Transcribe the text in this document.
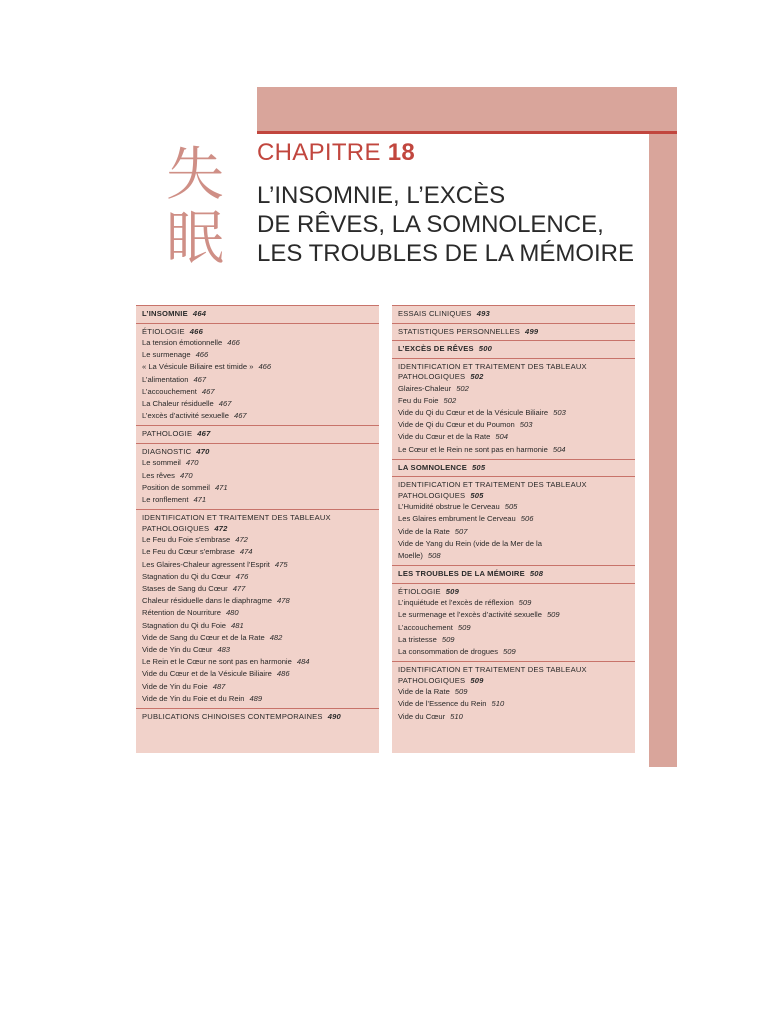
失
眠
CHAPITRE 18
L’INSOMNIE, L’EXCÈS
DE RÊVES, LA SOMNOLENCE,
LES TROUBLES DE LA MÉMOIRE
L’INSOMNIE 464
ÉTIOLOGIE 466
La tension émotionnelle 466
Le surmenage 466
« La Vésicule Biliaire est timide » 466
L’alimentation 467
L’accouchement 467
La Chaleur résiduelle 467
L’excès d’activité sexuelle 467
PATHOLOGIE 467
DIAGNOSTIC 470
Le sommeil 470
Les rêves 470
Position de sommeil 471
Le ronflement 471
IDENTIFICATION ET TRAITEMENT DES TABLEAUX PATHOLOGIQUES 472
Le Feu du Foie s’embrase 472
Le Feu du Cœur s’embrase 474
Les Glaires-Chaleur agressent l’Esprit 475
Stagnation du Qi du Cœur 476
Stases de Sang du Cœur 477
Chaleur résiduelle dans le diaphragme 478
Rétention de Nourriture 480
Stagnation du Qi du Foie 481
Vide de Sang du Cœur et de la Rate 482
Vide de Yin du Cœur 483
Le Rein et le Cœur ne sont pas en harmonie 484
Vide du Cœur et de la Vésicule Biliaire 486
Vide de Yin du Foie 487
Vide de Yin du Foie et du Rein 489
PUBLICATIONS CHINOISES CONTEMPORAINES 490
ESSAIS CLINIQUES 493
STATISTIQUES PERSONNELLES 499
L’EXCÈS DE RÊVES 500
IDENTIFICATION ET TRAITEMENT DES TABLEAUX PATHOLOGIQUES 502
Glaires-Chaleur 502
Feu du Foie 502
Vide du Qi du Cœur et de la Vésicule Biliaire 503
Vide de Qi du Cœur et du Poumon 503
Vide du Cœur et de la Rate 504
Le Cœur et le Rein ne sont pas en harmonie 504
LA SOMNOLENCE 505
IDENTIFICATION ET TRAITEMENT DES TABLEAUX PATHOLOGIQUES 505
L’Humidité obstrue le Cerveau 505
Les Glaires embrument le Cerveau 506
Vide de la Rate 507
Vide de Yang du Rein (vide de la Mer de la
Moelle) 508
LES TROUBLES DE LA MÉMOIRE 508
ÉTIOLOGIE 509
L’inquiétude et l’excès de réflexion 509
Le surmenage et l’excès d’activité sexuelle 509
L’accouchement 509
La tristesse 509
La consommation de drogues 509
IDENTIFICATION ET TRAITEMENT DES TABLEAUX PATHOLOGIQUES 509
Vide de la Rate 509
Vide de l’Essence du Rein 510
Vide du Cœur 510
